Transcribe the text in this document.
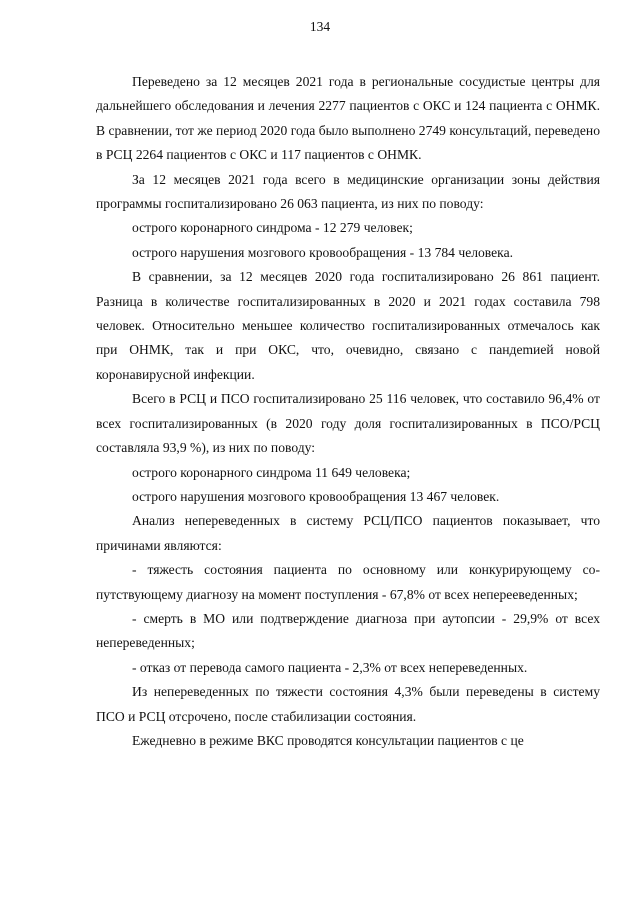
134

Переведено за 12 месяцев 2021 года в региональные сосудистые центры для дальнейшего обследования и лечения 2277 пациентов с ОКС и 124 пациента с ОНМК. В сравнении, тот же период 2020 года было выполнено 2749 консультаций, переведено в РСЦ 2264 пациентов с ОКС и 117 пациентов с ОНМК.

За 12 месяцев 2021 года всего в медицинские организации зоны действия программы госпитализировано 26 063 пациента, из них по поводу:

острого коронарного синдрома - 12 279 человек;

острого нарушения мозгового кровообращения - 13 784 человека.

В сравнении, за 12 месяцев 2020 года госпитализировано 26 861 пациент. Разница в количестве госпитализированных в 2020 и 2021 годах составила 798 человек. Относительно меньшее количество госпитализированных отмечалось как при ОНМК, так и при ОКС, что, очевидно, связано с пандеmией новой коронавирусной инфекции.

Всего в РСЦ и ПСО госпитализировано 25 116 человек, что составило 96,4% от всех госпитализированных (в 2020 году доля госпитализированных в ПСО/РСЦ составляла 93,9 %), из них по поводу:

острого коронарного синдрома 11 649 человека;

острого нарушения мозгового кровообращения 13 467 человек.

Анализ непереведенных в систему РСЦ/ПСО пациентов показывает, что причинами являются:

- тяжесть состояния пациента по основному или конкурирующему сопутствующему диагнозу на момент поступления - 67,8% от всех неперееведенных;

- смерть в МО или подтверждение диагноза при аутопсии - 29,9% от всех непереведенных;

- отказ от перевода самого пациента - 2,3% от всех непереведенных.

Из непереведенных по тяжести состояния 4,3% были переведены в систему ПСО и РСЦ отсрочено, после стабилизации состояния.

Ежедневно в режиме ВКС проводятся консультации пациентов с це
